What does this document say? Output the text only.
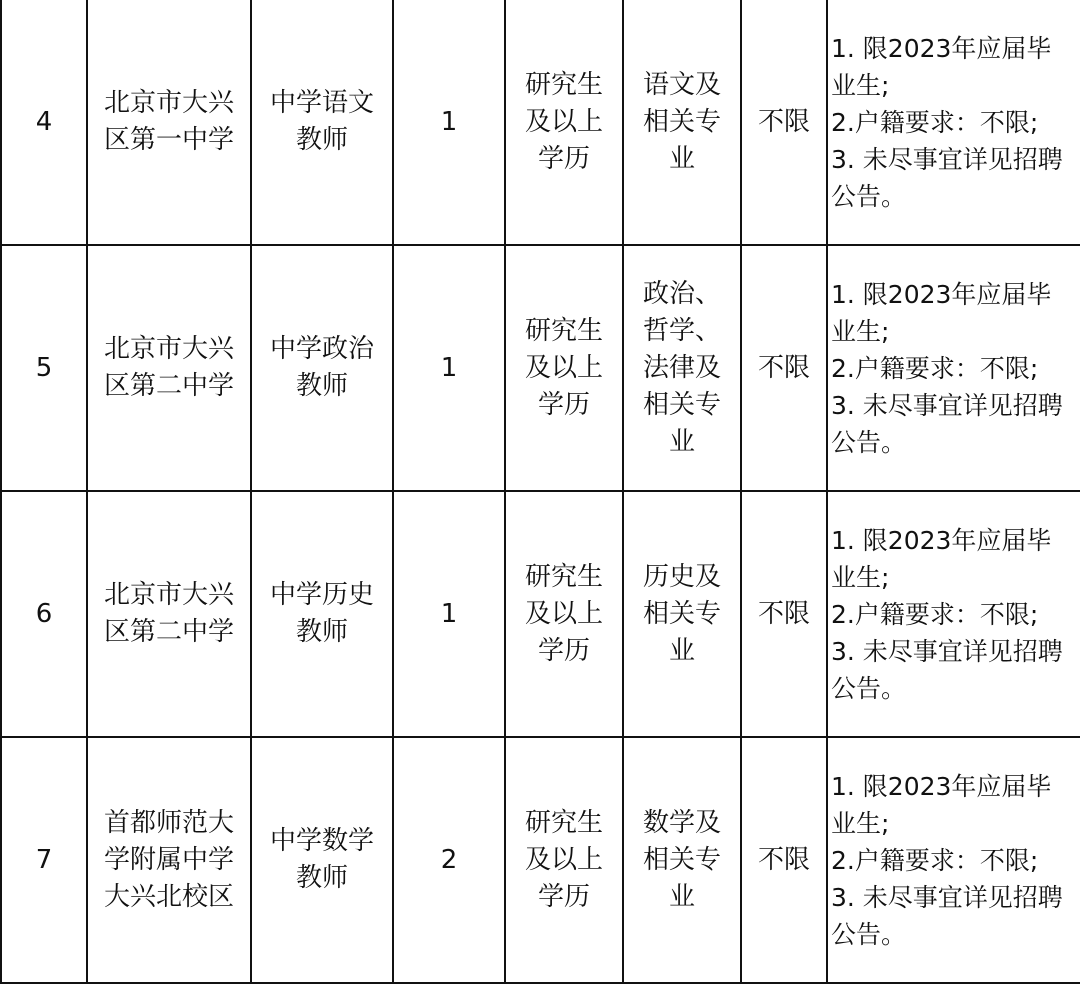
4	北京市大兴区第一中学	中学语文教师	1	研究生及以上学历	语文及相关专业	不限	1. 限2023年应届毕
业生;
2.户籍要求：不限;
3. 未尽事宜详见招聘
公告。

5	北京市大兴区第二中学	中学政治教师	1	研究生及以上学历	政治、哲学、法律及相关专业	不限	1. 限2023年应届毕
业生;
2.户籍要求：不限;
3. 未尽事宜详见招聘
公告。

6	北京市大兴区第二中学	中学历史教师	1	研究生及以上学历	历史及相关专业	不限	1. 限2023年应届毕
业生;
2.户籍要求：不限;
3. 未尽事宜详见招聘
公告。

7	首都师范大学附属中学大兴北校区	中学数学教师	2	研究生及以上学历	数学及相关专业	不限	1. 限2023年应届毕
业生;
2.户籍要求：不限;
3. 未尽事宜详见招聘
公告。
